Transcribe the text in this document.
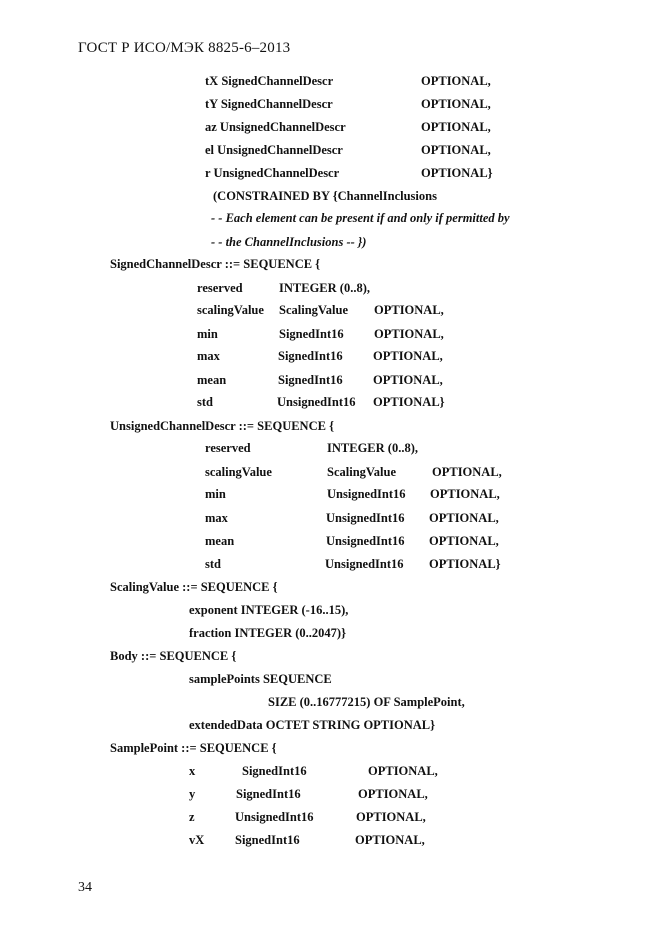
ГОСТ Р ИСО/МЭК 8825-6–2013
tX SignedChannelDescr	OPTIONAL,
tY SignedChannelDescr	OPTIONAL,
az UnsignedChannelDescr	OPTIONAL,
el UnsignedChannelDescr	OPTIONAL,
r UnsignedChannelDescr	OPTIONAL}
(CONSTRAINED BY {ChannelInclusions
- - Each element can be present if and only if permitted by
- - the ChannelInclusions -- })
SignedChannelDescr ::= SEQUENCE {
reserved	INTEGER (0..8),
scalingValue ScalingValue OPTIONAL,
min	SignedInt16 OPTIONAL,
max	SignedInt16 OPTIONAL,
mean	SignedInt16 OPTIONAL,
std	UnsignedInt16 OPTIONAL}
UnsignedChannelDescr ::= SEQUENCE {
reserved	INTEGER (0..8),
scalingValue	ScalingValue	OPTIONAL,
min	UnsignedInt16 OPTIONAL,
max	UnsignedInt16 OPTIONAL,
mean	UnsignedInt16 OPTIONAL,
std	UnsignedInt16 OPTIONAL}
ScalingValue ::= SEQUENCE {
exponent INTEGER (-16..15),
fraction INTEGER (0..2047)}
Body ::= SEQUENCE {
samplePoints SEQUENCE
SIZE (0..16777215) OF SamplePoint,
extendedData OCTET STRING OPTIONAL}
SamplePoint ::= SEQUENCE {
x	SignedInt16	OPTIONAL,
y	SignedInt16	OPTIONAL,
z	UnsignedInt16	OPTIONAL,
vX SignedInt16	OPTIONAL,
34
